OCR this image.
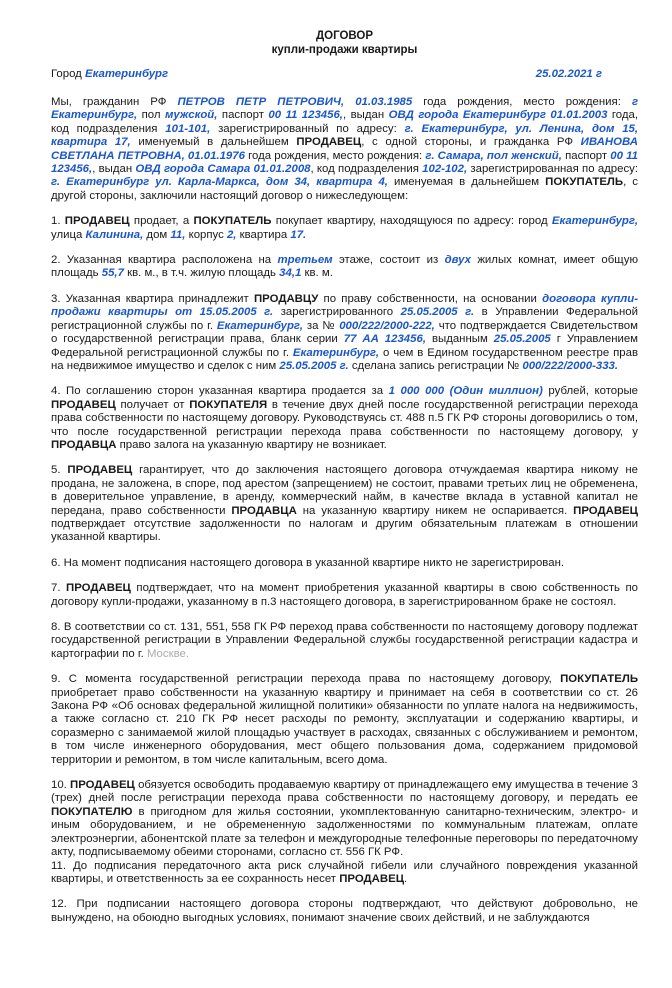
ДОГОВОР
купли-продажи квартиры
Город Екатеринбург	25.02.2021 г

Мы, гражданин РФ ПЕТРОВ ПЕТР ПЕТРОВИЧ, 01.03.1985 года рождения, место рождения: г Екатеринбург, пол мужской, паспорт 00 11 123456,, выдан ОВД города Екатеринбург 01.01.2003 года, код подразделения 101-101, зарегистрированный по адресу: г. Екатеринбург, ул. Ленина, дом 15, квартира 17, именуемый в дальнейшем ПРОДАВЕЦ, с одной стороны, и гражданка РФ ИВАНОВА СВЕТЛАНА ПЕТРОВНА, 01.01.1976 года рождения, место рождения: г. Самара, пол женский, паспорт 00 11 123456,, выдан ОВД города Самара 01.01.2008, код подразделения 102-102, зарегистрированная по адресу: г. Екатеринбург ул. Карла-Маркса, дом 34, квартира 4, именуемая в дальнейшем ПОКУПАТЕЛЬ, с другой стороны, заключили настоящий договор о нижеследующем:

1. ПРОДАВЕЦ продает, а ПОКУПАТЕЛЬ покупает квартиру, находящуюся по адресу: город Екатеринбург, улица Калинина, дом 11, корпус 2, квартира 17.

2. Указанная квартира расположена на третьем этаже, состоит из двух жилых комнат, имеет общую площадь 55,7 кв. м., в т.ч. жилую площадь 34,1 кв. м.

3. Указанная квартира принадлежит ПРОДАВЦУ по праву собственности, на основании договора купли-продажи квартиры от 15.05.2005 г. зарегистрированного 25.05.2005 г. в Управлении Федеральной регистрационной службы по г. Екатеринбург, за № 000/222/2000-222, что подтверждается Свидетельством о государственной регистрации права, бланк серии 77 АА 123456, выданным 25.05.2005 г Управлением Федеральной регистрационной службы по г. Екатеринбург, о чем в Едином государственном реестре прав на недвижимое имущество и сделок с ним 25.05.2005 г. сделана запись регистрации № 000/222/2000-333.

4. По соглашению сторон указанная квартира продается за 1 000 000 (Один миллион) рублей, которые ПРОДАВЕЦ получает от ПОКУПАТЕЛЯ в течение двух дней после государственной регистрации перехода права собственности по настоящему договору. Руководствуясь ст. 488 п.5 ГК РФ стороны договорились о том, что после государственной регистрации перехода права собственности по настоящему договору, у ПРОДАВЦА право залога на указанную квартиру не возникает.

5. ПРОДАВЕЦ гарантирует, что до заключения настоящего договора отчуждаемая квартира никому не продана, не заложена, в споре, под арестом (запрещением) не состоит, правами третьих лиц не обременена, в доверительное управление, в аренду, коммерческий найм, в качестве вклада в уставной капитал не передана, право собственности ПРОДАВЦА на указанную квартиру никем не оспаривается. ПРОДАВЕЦ подтверждает отсутствие задолженности по налогам и другим обязательным платежам в отношении указанной квартиры.

6. На момент подписания настоящего договора в указанной квартире никто не зарегистрирован.

7. ПРОДАВЕЦ подтверждает, что на момент приобретения указанной квартиры в свою собственность по договору купли-продажи, указанному в п.3 настоящего договора, в зарегистрированном браке не состоял.

8. В соответствии со ст. 131, 551, 558 ГК РФ переход права собственности по настоящему договору подлежат государственной регистрации в Управлении Федеральной службы государственной регистрации кадастра и картографии по г. Москве.

9. С момента государственной регистрации перехода права по настоящему договору, ПОКУПАТЕЛЬ приобретает право собственности на указанную квартиру и принимает на себя в соответствии со ст. 26 Закона РФ «Об основах федеральной жилищной политики» обязанности по уплате налога на недвижимость, а также согласно ст. 210 ГК РФ несет расходы по ремонту, эксплуатации и содержанию квартиры, и соразмерно с занимаемой жилой площадью участвует в расходах, связанных с обслуживанием и ремонтом, в том числе инженерного оборудования, мест общего пользования дома, содержанием придомовой территории и ремонтом, в том числе капитальным, всего дома.

10. ПРОДАВЕЦ обязуется освободить продаваемую квартиру от принадлежащего ему имущества в течение 3 (трех) дней после регистрации перехода права собственности по настоящему договору, и передать ее ПОКУПАТЕЛЮ в пригодном для жилья состоянии, укомплектованную санитарно-техническим, электро- и иным оборудованием, и не обремененную задолженностями по коммунальным платежам, оплате электроэнергии, абонентской плате за телефон и междугородные телефонные переговоры по передаточному акту, подписываемому обеими сторонами, согласно ст. 556 ГК РФ.

11. До подписания передаточного акта риск случайной гибели или случайного повреждения указанной квартиры, и ответственность за ее сохранность несет ПРОДАВЕЦ.

12. При подписании настоящего договора стороны подтверждают, что действуют добровольно, не вынуждено, на обоюдно выгодных условиях, понимают значение своих действий, и не заблуждаются
